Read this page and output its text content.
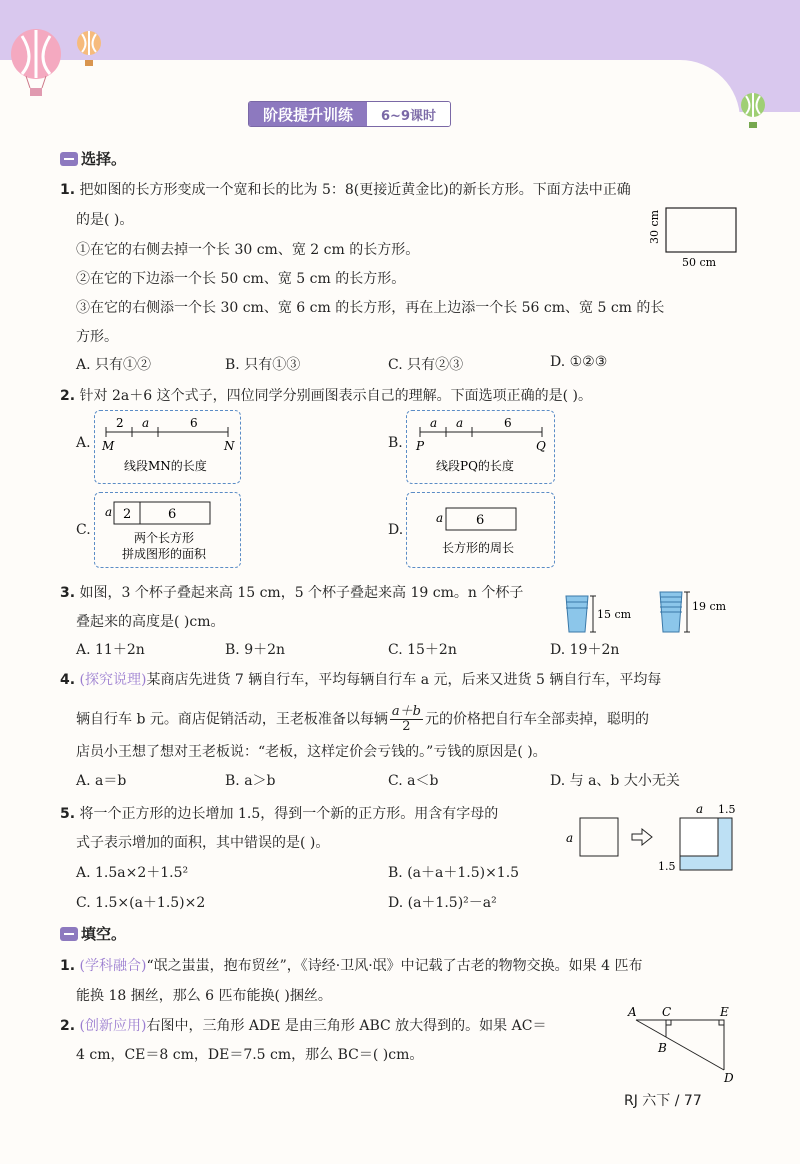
阶段提升训练	6~9课时
选择。
1. 把如图的长方形变成一个宽和长的比为 5：8(更接近黄金比)的新长方形。下面方法中正确
的是( )。
①在它的右侧去掉一个长 30 cm、宽 2 cm 的长方形。
②在它的下边添一个长 50 cm、宽 5 cm 的长方形。
③在它的右侧添一个长 30 cm、宽 6 cm 的长方形，再在上边添一个长 56 cm、宽 5 cm 的长
方形。
A. 只有①②	B. 只有①③	C. 只有②③	D. ①②③
30 cm
50 cm
2. 针对 2a＋6 这个式子，四位同学分别画图表示自己的理解。下面选项正确的是( )。
A.
2 a	6
M	N
线段MN的长度
B.
a a	6
P	Q
线段PQ的长度
C.
a 2	6
两个长方形
拼成图形的面积
D.
a	6
长方形的周长
3. 如图，3 个杯子叠起来高 15 cm，5 个杯子叠起来高 19 cm。n 个杯子
叠起来的高度是( )cm。
A. 11＋2n	B. 9＋2n	C. 15＋2n	D. 19＋2n
15 cm
19 cm
4. (探究说理)某商店先进货 7 辆自行车，平均每辆自行车 a 元，后来又进货 5 辆自行车，平均每
辆自行车 b 元。商店促销活动，王老板准备以每辆 $\frac{a+b}{2}$ 元的价格把自行车全部卖掉，聪明的
店员小王想了想对王老板说：“老板，这样定价会亏钱的。”亏钱的原因是( )。
A. a＝b	B. a＞b	C. a＜b	D. 与 a、b 大小无关
5. 将一个正方形的边长增加 1.5，得到一个新的正方形。用含有字母的
式子表示增加的面积，其中错误的是( )。
A. 1.5a×2＋1.5²	B. (a＋a＋1.5)×1.5
C. 1.5×(a＋1.5)×2	D. (a＋1.5)²－a²
a
a 1.5
1.5
填空。
1. (学科融合)“氓之蚩蚩，抱布贸丝”，《诗经·卫风·氓》中记载了古老的物物交换。如果 4 匹布
能换 18 捆丝，那么 6 匹布能换( )捆丝。
2. (创新应用)右图中，三角形 ADE 是由三角形 ABC 放大得到的。如果 AC＝
4 cm，CE＝8 cm，DE＝7.5 cm，那么 BC＝( )cm。
A C	E
B
D
RJ 六下 / 77
